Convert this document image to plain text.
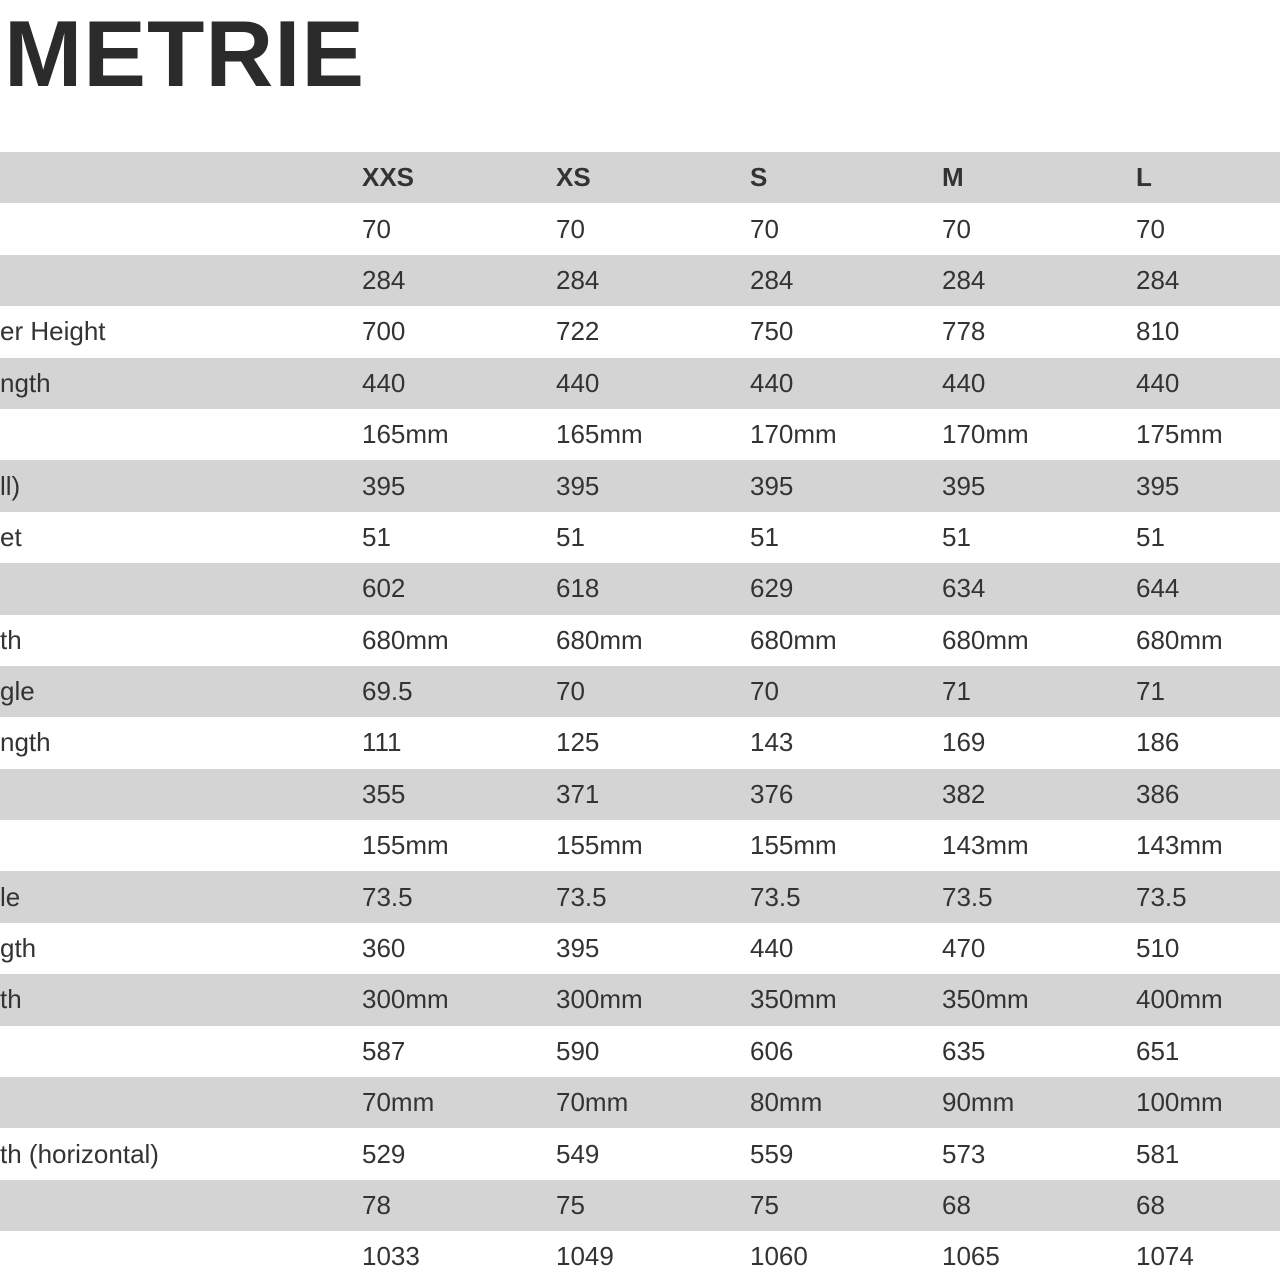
METRIE
	XXS	XS	S	M	L
	70	70	70	70	70
	284	284	284	284	284
er Height	700	722	750	778	810
ngth	440	440	440	440	440
	165mm	165mm	170mm	170mm	175mm
ll)	395	395	395	395	395
et	51	51	51	51	51
	602	618	629	634	644
th	680mm	680mm	680mm	680mm	680mm
gle	69.5	70	70	71	71
ngth	111	125	143	169	186
	355	371	376	382	386
	155mm	155mm	155mm	143mm	143mm
le	73.5	73.5	73.5	73.5	73.5
gth	360	395	440	470	510
th	300mm	300mm	350mm	350mm	400mm
	587	590	606	635	651
	70mm	70mm	80mm	90mm	100mm
th (horizontal)	529	549	559	573	581
	78	75	75	68	68
	1033	1049	1060	1065	1074
